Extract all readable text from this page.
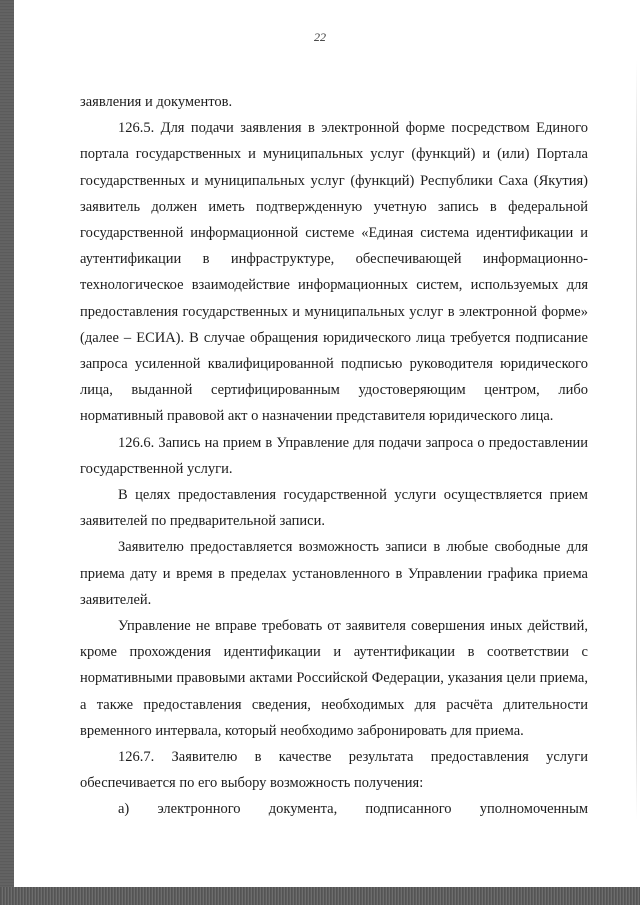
22

заявления и документов.

126.5. Для подачи заявления в электронной форме посредством Единого портала государственных и муниципальных услуг (функций) и (или) Портала государственных и муниципальных услуг (функций) Республики Саха (Якутия) заявитель должен иметь подтвержденную учетную запись в федеральной государственной информационной системе «Единая система идентификации и аутентификации в инфраструктуре, обеспечивающей информационно-технологическое взаимодействие информационных систем, используемых для предоставления государственных и муниципальных услуг в электронной форме» (далее – ЕСИА). В случае обращения юридического лица требуется подписание запроса усиленной квалифицированной подписью руководителя юридического лица, выданной сертифицированным удостоверяющим центром, либо нормативный правовой акт о назначении представителя юридического лица.

126.6. Запись на прием в Управление для подачи запроса о предоставлении государственной услуги.

В целях предоставления государственной услуги осуществляется прием заявителей по предварительной записи.

Заявителю предоставляется возможность записи в любые свободные для приема дату и время в пределах установленного в Управлении графика приема заявителей.

Управление не вправе требовать от заявителя совершения иных действий, кроме прохождения идентификации и аутентификации в соответствии с нормативными правовыми актами Российской Федерации, указания цели приема, а также предоставления сведения, необходимых для расчёта длительности временного интервала, который необходимо забронировать для приема.

126.7. Заявителю в качестве результата предоставления услуги обеспечивается по его выбору возможность получения:

а) электронного документа, подписанного уполномоченным
